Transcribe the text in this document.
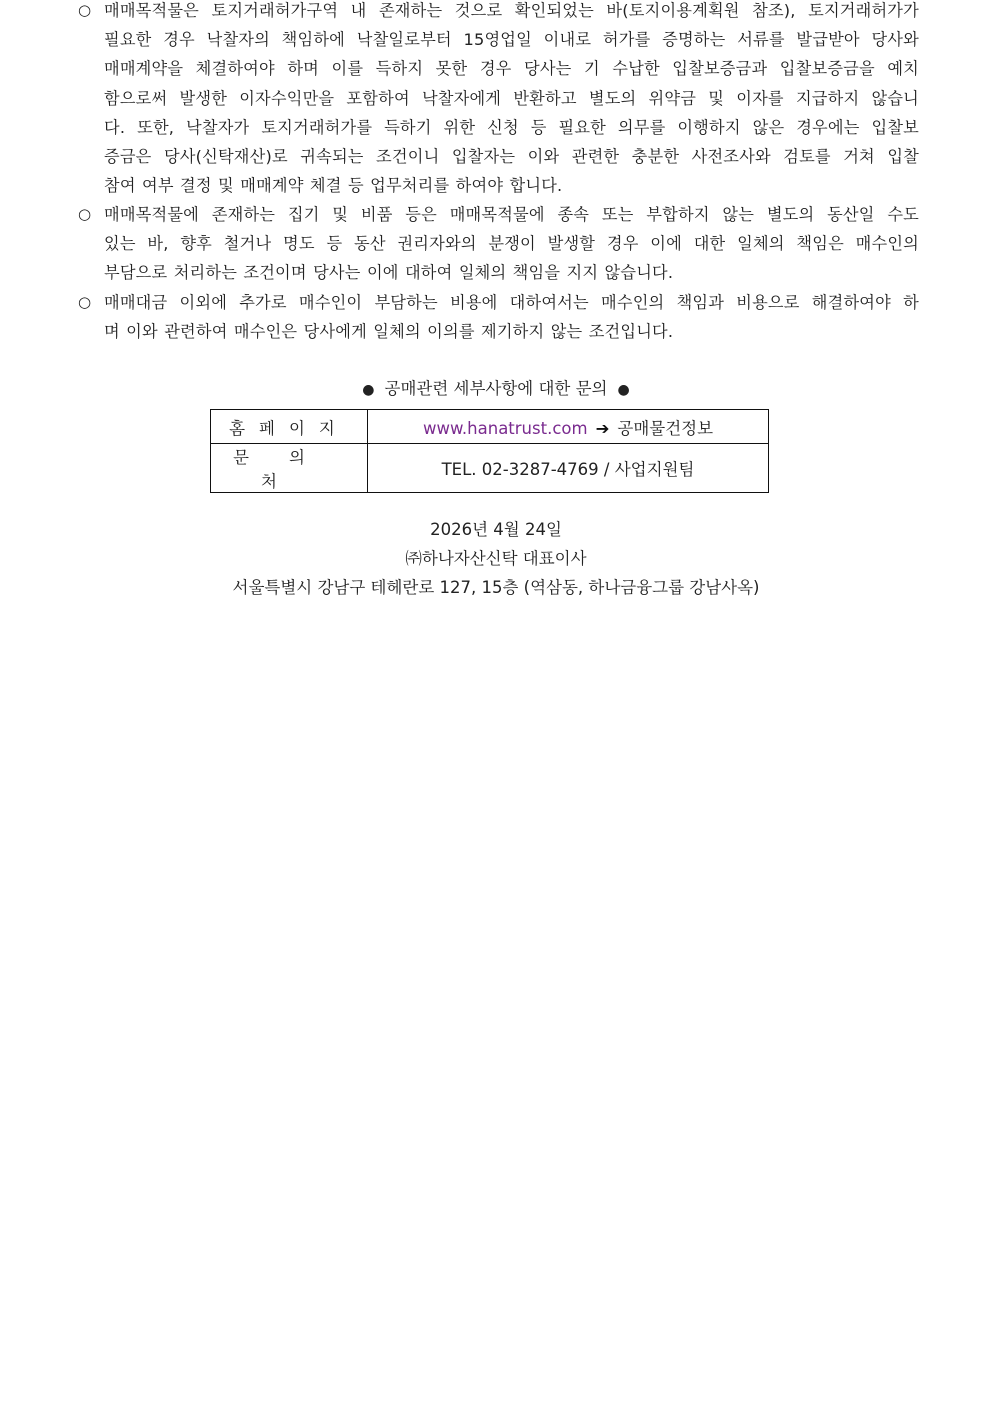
○ 매매목적물은 토지거래허가구역 내 존재하는 것으로 확인되었는 바(토지이용계획원 참조), 토지거래허가가
필요한 경우 낙찰자의 책임하에 낙찰일로부터 15영업일 이내로 허가를 증명하는 서류를 발급받아 당사와
매매계약을 체결하여야 하며 이를 득하지 못한 경우 당사는 기 수납한 입찰보증금과 입찰보증금을 예치
함으로써 발생한 이자수익만을 포함하여 낙찰자에게 반환하고 별도의 위약금 및 이자를 지급하지 않습니
다. 또한, 낙찰자가 토지거래허가를 득하기 위한 신청 등 필요한 의무를 이행하지 않은 경우에는 입찰보
증금은 당사(신탁재산)로 귀속되는 조건이니 입찰자는 이와 관련한 충분한 사전조사와 검토를 거쳐 입찰
참여 여부 결정 및 매매계약 체결 등 업무처리를 하여야 합니다.
○ 매매목적물에 존재하는 집기 및 비품 등은 매매목적물에 종속 또는 부합하지 않는 별도의 동산일 수도
있는 바, 향후 철거나 명도 등 동산 권리자와의 분쟁이 발생할 경우 이에 대한 일체의 책임은 매수인의
부담으로 처리하는 조건이며 당사는 이에 대하여 일체의 책임을 지지 않습니다.
○ 매매대금 이외에 추가로 매수인이 부담하는 비용에 대하여서는 매수인의 책임과 비용으로 해결하여야 하
며 이와 관련하여 매수인은 당사에게 일체의 이의를 제기하지 않는 조건입니다.
● 공매관련 세부사항에 대한 문의 ●
홈페이지	www.hanatrust.com ➔ 공매물건정보
문의처	TEL. 02-3287-4769 / 사업지원팀
2026년 4월 24일
㈜하나자산신탁 대표이사
서울특별시 강남구 테헤란로 127, 15층 (역삼동, 하나금융그룹 강남사옥)
